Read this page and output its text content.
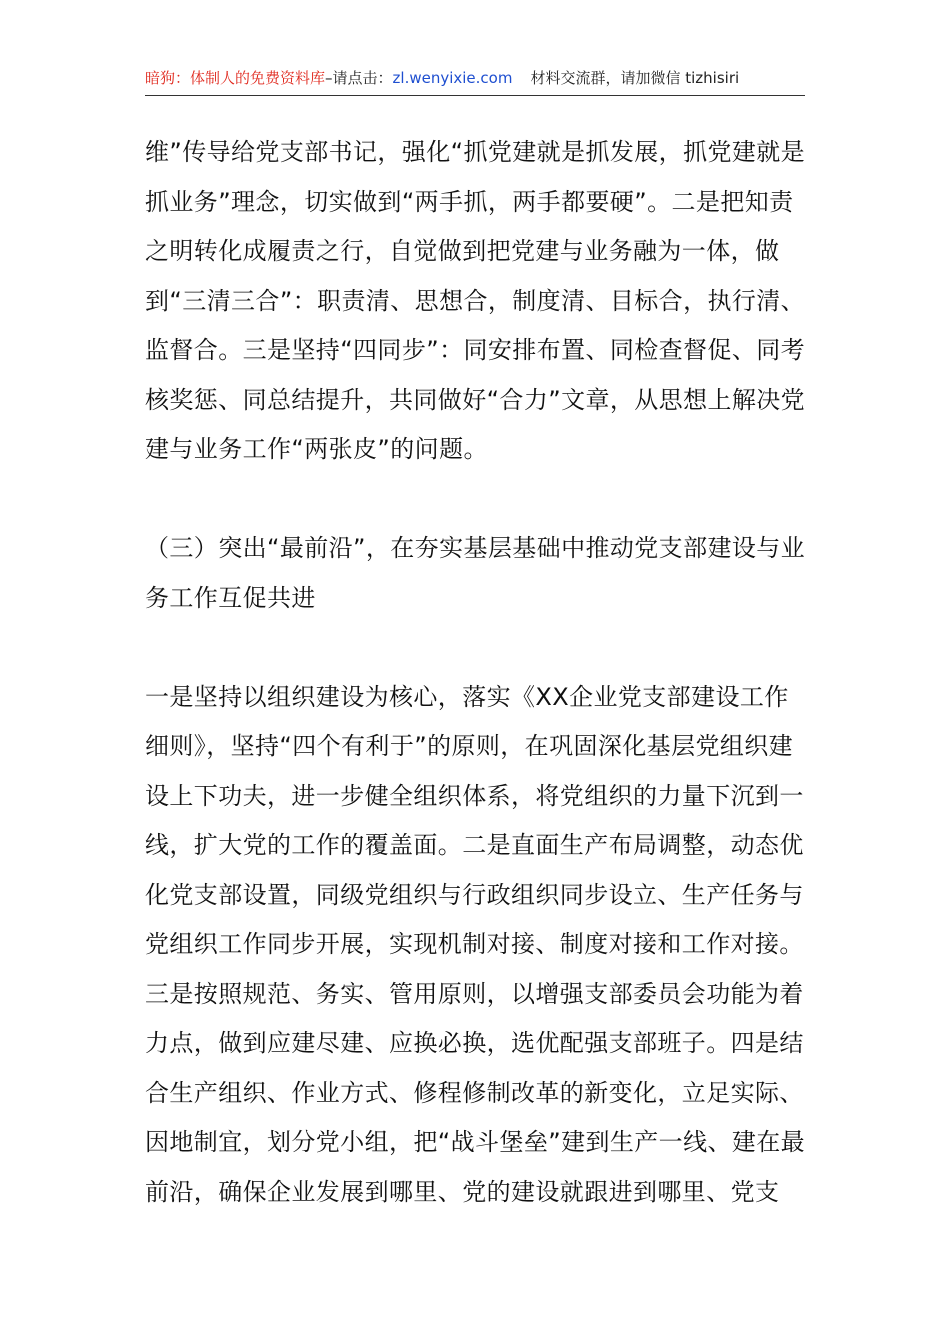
暗狗：体制人的免费资料库–请点击：zl.wenyixie.com 材料交流群，请加微信 tizhisiri

维”传导给党支部书记，强化“抓党建就是抓发展，抓党建就是抓业务”理念，切实做到“两手抓，两手都要硬”。二是把知责之明转化成履责之行，自觉做到把党建与业务融为一体，做到“三清三合”：职责清、思想合，制度清、目标合，执行清、监督合。三是坚持“四同步”：同安排布置、同检查督促、同考核奖惩、同总结提升，共同做好“合力”文章，从思想上解决党建与业务工作“两张皮”的问题。

（三）突出“最前沿”，在夯实基层基础中推动党支部建设与业务工作互促共进

一是坚持以组织建设为核心，落实《XX企业党支部建设工作细则》，坚持“四个有利于”的原则，在巩固深化基层党组织建设上下功夫，进一步健全组织体系，将党组织的力量下沉到一线，扩大党的工作的覆盖面。二是直面生产布局调整，动态优化党支部设置，同级党组织与行政组织同步设立、生产任务与党组织工作同步开展，实现机制对接、制度对接和工作对接。三是按照规范、务实、管用原则，以增强支部委员会功能为着力点，做到应建尽建、应换必换，选优配强支部班子。四是结合生产组织、作业方式、修程修制改革的新变化，立足实际、因地制宜，划分党小组，把“战斗堡垒”建到生产一线、建在最前沿，确保企业发展到哪里、党的建设就跟进到哪里、党支
